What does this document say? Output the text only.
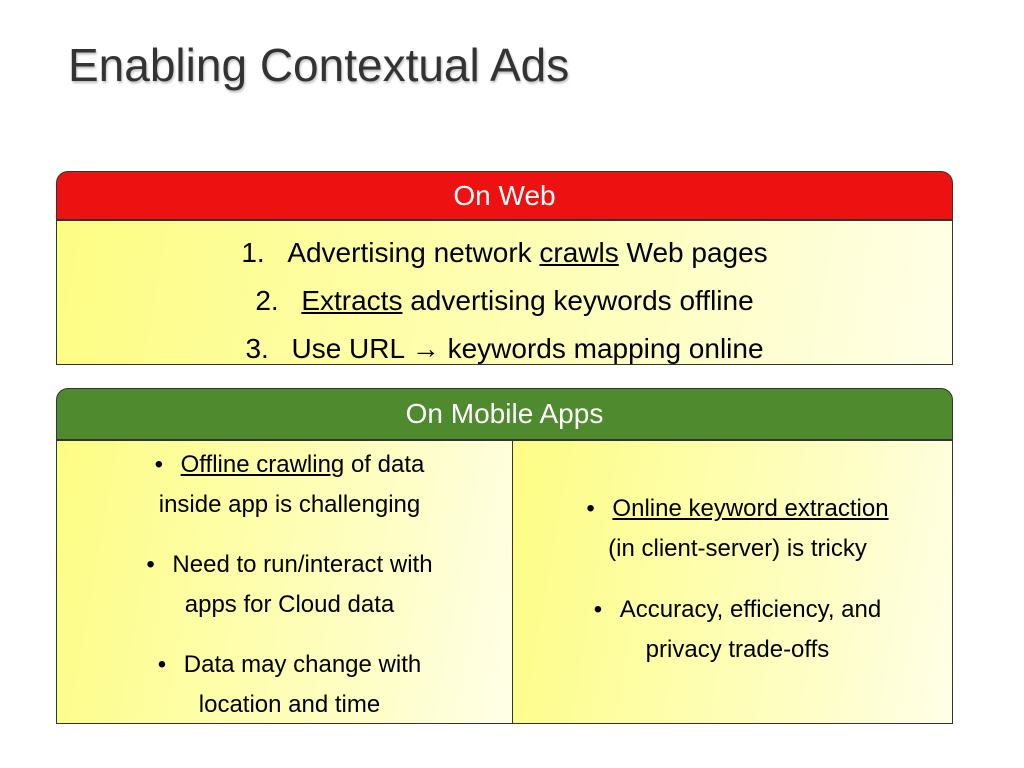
Enabling Contextual Ads
On Web
1. Advertising network crawls Web pages
2. Extracts advertising keywords offline
3. Use URL → keywords mapping online
On Mobile Apps
• Offline crawling of data
inside app is challenging
• Need to run/interact with
apps for Cloud data
• Data may change with
location and time
• Online keyword extraction
(in client-server) is tricky
• Accuracy, efficiency, and
privacy trade-offs
